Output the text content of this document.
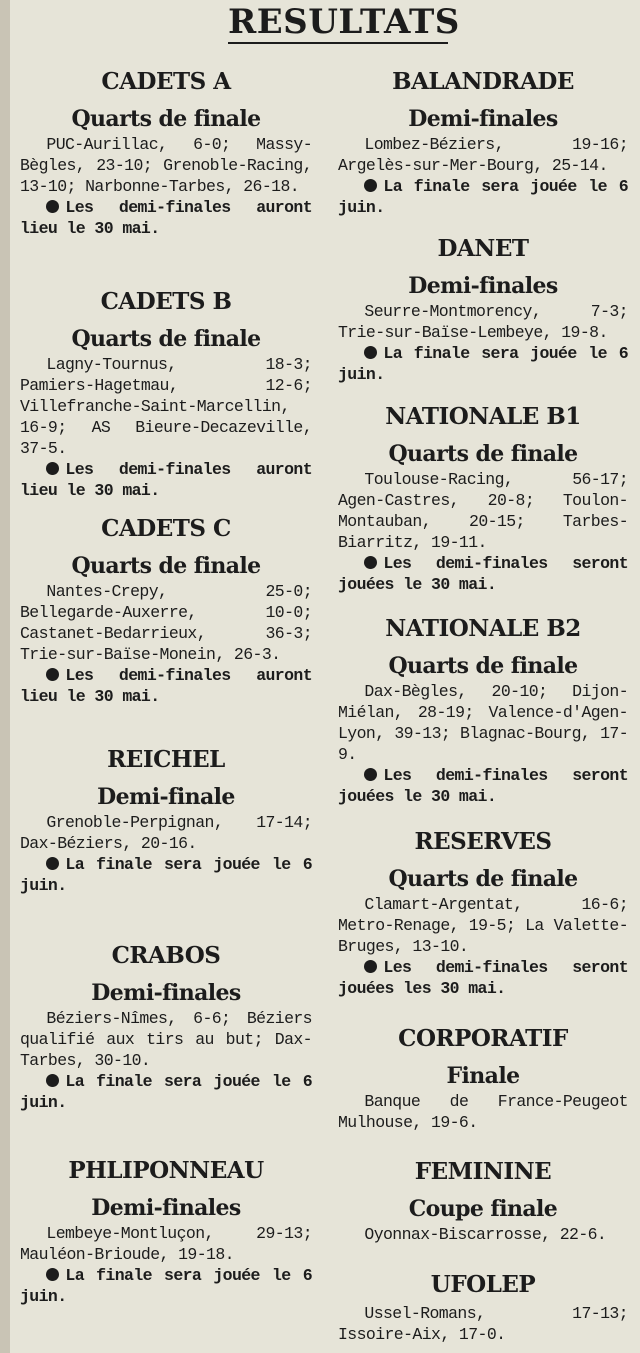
RESULTATS
CADETS A
Quarts de finale

PUC-Aurillac, 6-0; Massy-Bègles, 23-10; Grenoble-Racing, 13-10; Narbonne-Tarbes, 26-18.

Les demi-finales auront lieu le 30 mai.

CADETS B
Quarts de finale

Lagny-Tournus, 18-3; Pamiers-Hagetmau, 12-6; Villefranche-Saint-Marcellin, 16-9; AS Bieure-Decazeville, 37-5.

Les demi-finales auront lieu le 30 mai.

CADETS C
Quarts de finale

Nantes-Crepy, 25-0; Bellegarde-Auxerre, 10-0; Castanet-Bedarrieux, 36-3; Trie-sur-Baïse-Monein, 26-3.

Les demi-finales auront lieu le 30 mai.

REICHEL
Demi-finale

Grenoble-Perpignan, 17-14; Dax-Béziers, 20-16.

La finale sera jouée le 6 juin.

CRABOS
Demi-finales

Béziers-Nîmes, 6-6; Béziers qualifié aux tirs au but; Dax-Tarbes, 30-10.

La finale sera jouée le 6 juin.

PHLIPONNEAU
Demi-finales

Lembeye-Montluçon, 29-13; Mauléon-Brioude, 19-18.

La finale sera jouée le 6 juin.

BALANDRADE
Demi-finales

Lombez-Béziers, 19-16; Argelès-sur-Mer-Bourg, 25-14.

La finale sera jouée le 6 juin.

DANET
Demi-finales

Seurre-Montmorency, 7-3; Trie-sur-Baïse-Lembeye, 19-8.

La finale sera jouée le 6 juin.

NATIONALE B1
Quarts de finale

Toulouse-Racing, 56-17; Agen-Castres, 20-8; Toulon-Montauban, 20-15; Tarbes-Biarritz, 19-11.

Les demi-finales seront jouées le 30 mai.

NATIONALE B2
Quarts de finale

Dax-Bègles, 20-10; Dijon-Miélan, 28-19; Valence-d'Agen-Lyon, 39-13; Blagnac-Bourg, 17-9.

Les demi-finales seront jouées le 30 mai.

RESERVES
Quarts de finale

Clamart-Argentat, 16-6; Metro-Renage, 19-5; La Valette-Bruges, 13-10.

Les demi-finales seront jouées les 30 mai.

CORPORATIF
Finale

Banque de France-Peugeot Mulhouse, 19-6.

FEMININE
Coupe finale

Oyonnax-Biscarrosse, 22-6.

UFOLEP

Ussel-Romans, 17-13; Issoire-Aix, 17-0.
